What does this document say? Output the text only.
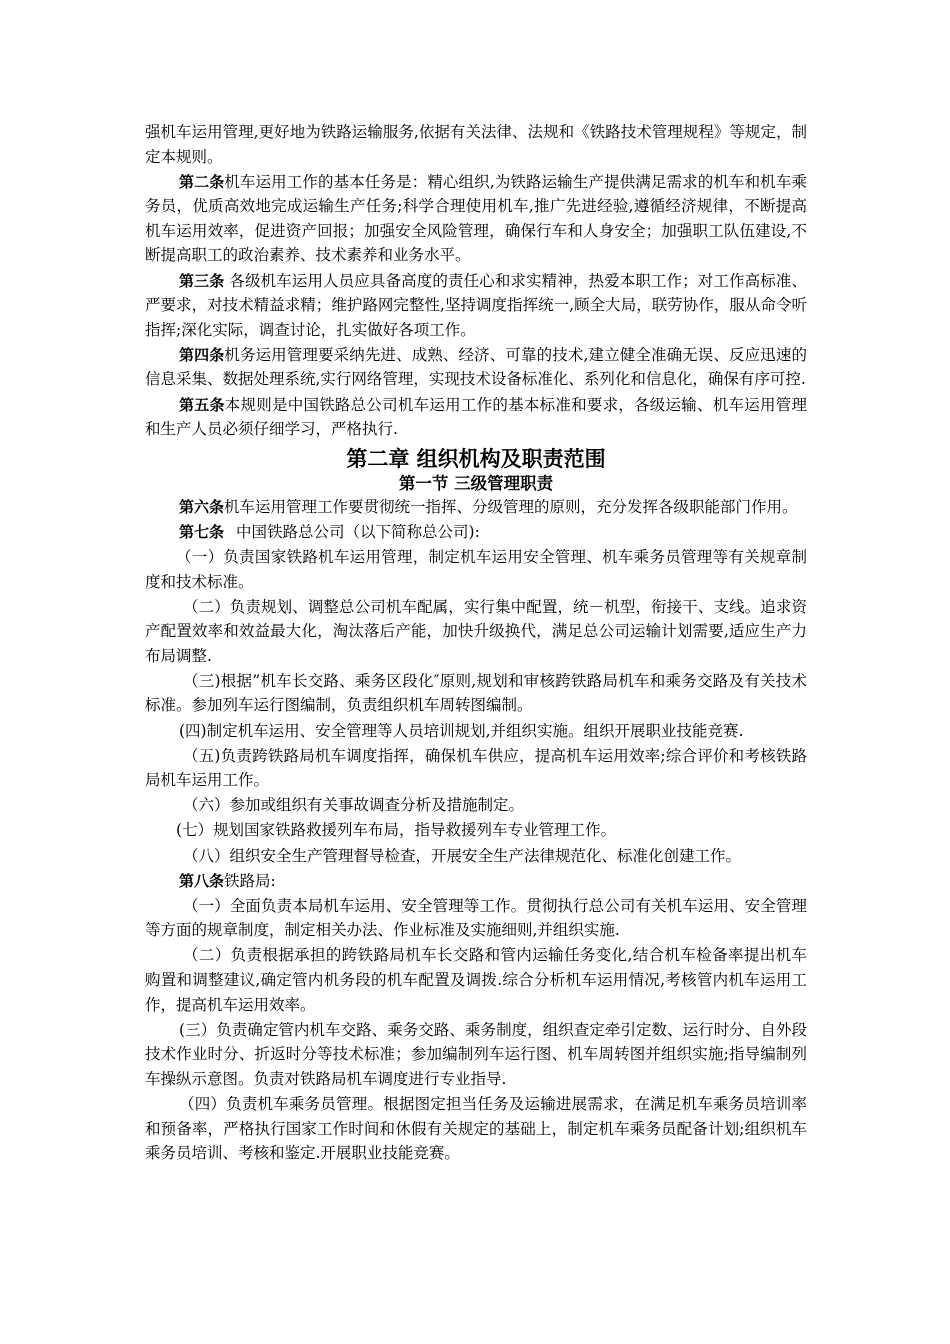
强机车运用管理,更好地为铁路运输服务,依据有关法律、法规和《铁路技术管理规程》等规定，制定本规则。

第二条机车运用工作的基本任务是：精心组织,为铁路运输生产提供满足需求的机车和机车乘务员，优质高效地完成运输生产任务;科学合理使用机车,推广先进经验,遵循经济规律，不断提高机车运用效率，促进资产回报；加强安全风险管理，确保行车和人身安全；加强职工队伍建设,不断提高职工的政治素养、技术素养和业务水平。

第三条 各级机车运用人员应具备高度的责任心和求实精神，热爱本职工作；对工作高标准、严要求，对技术精益求精；维护路网完整性,坚持调度指挥统一,顾全大局，联劳协作，服从命令听指挥;深化实际，调查讨论，扎实做好各项工作。

第四条机务运用管理要采纳先进、成熟、经济、可靠的技术,建立健全准确无误、反应迅速的信息采集、数据处理系统,实行网络管理，实现技术设备标准化、系列化和信息化，确保有序可控.

第五条本规则是中国铁路总公司机车运用工作的基本标准和要求，各级运输、机车运用管理和生产人员必须仔细学习，严格执行.

第二章 组织机构及职责范围
第一节 三级管理职责

第六条机车运用管理工作要贯彻统一指挥、分级管理的原则，充分发挥各级职能部门作用。

第七条 中国铁路总公司（以下简称总公司):

（一）负责国家铁路机车运用管理，制定机车运用安全管理、机车乘务员管理等有关规章制度和技术标准。

（二）负责规划、调整总公司机车配属，实行集中配置，统－机型，衔接干、支线。追求资产配置效率和效益最大化，淘汰落后产能，加快升级换代，满足总公司运输计划需要,适应生产力布局调整.

（三)根据”机车长交路、乘务区段化″原则,规划和审核跨铁路局机车和乘务交路及有关技术标准。参加列车运行图编制，负责组织机车周转图编制。

(四)制定机车运用、安全管理等人员培训规划,并组织实施。组织开展职业技能竞赛.

（五)负责跨铁路局机车调度指挥，确保机车供应，提高机车运用效率;综合评价和考核铁路局机车运用工作。

（六）参加或组织有关事故调查分析及措施制定。

(七）规划国家铁路救援列车布局，指导救援列车专业管理工作。

（八）组织安全生产管理督导检查，开展安全生产法律规范化、标准化创建工作。

第八条铁路局:

（一）全面负责本局机车运用、安全管理等工作。贯彻执行总公司有关机车运用、安全管理等方面的规章制度，制定相关办法、作业标准及实施细则,并组织实施.

（二）负责根据承担的跨铁路局机车长交路和管内运输任务变化,结合机车检备率提出机车购置和调整建议,确定管内机务段的机车配置及调拨.综合分析机车运用情况,考核管内机车运用工作，提高机车运用效率。

(三）负责确定管内机车交路、乘务交路、乘务制度，组织查定牵引定数、运行时分、自外段技术作业时分、折返时分等技术标准；参加编制列车运行图、机车周转图并组织实施;指导编制列车操纵示意图。负责对铁路局机车调度进行专业指导.

（四）负责机车乘务员管理。根据图定担当任务及运输进展需求，在满足机车乘务员培训率和预备率，严格执行国家工作时间和休假有关规定的基础上，制定机车乘务员配备计划;组织机车乘务员培训、考核和鉴定.开展职业技能竞赛。
